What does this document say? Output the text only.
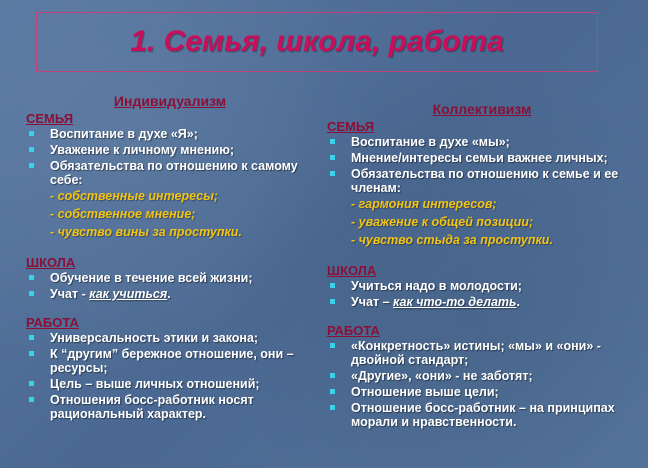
1. Семья, школа, работа
Индивидуализм
СЕМЬЯ
Воспитание в духе «Я»;
Уважение к личному мнению;
Обязательства по отношению к самому себе:
- собственные интересы;
- собственное мнение;
- чувство вины за проступки.
ШКОЛА
Обучение в течение всей жизни;
Учат - как учиться.
РАБОТА
Универсальность этики и закона;
К “другим” бережное отношение, они – ресурсы;
Цель – выше личных отношений;
Отношения босс-работник носят рациональный характер.
Коллективизм
СЕМЬЯ
Воспитание в духе «мы»;
Мнение/интересы семьи важнее личных;
Обязательства по отношению к семье и ее членам:
- гармония интересов;
- уважение к общей позиции;
- чувство стыда за проступки.
ШКОЛА
Учиться надо в молодости;
Учат – как что-то делать.
РАБОТА
«Конкретность» истины; «мы» и «они» - двойной стандарт;
«Другие», «они» - не заботят;
Отношение выше цели;
Отношение босс-работник – на принципах морали и нравственности.
